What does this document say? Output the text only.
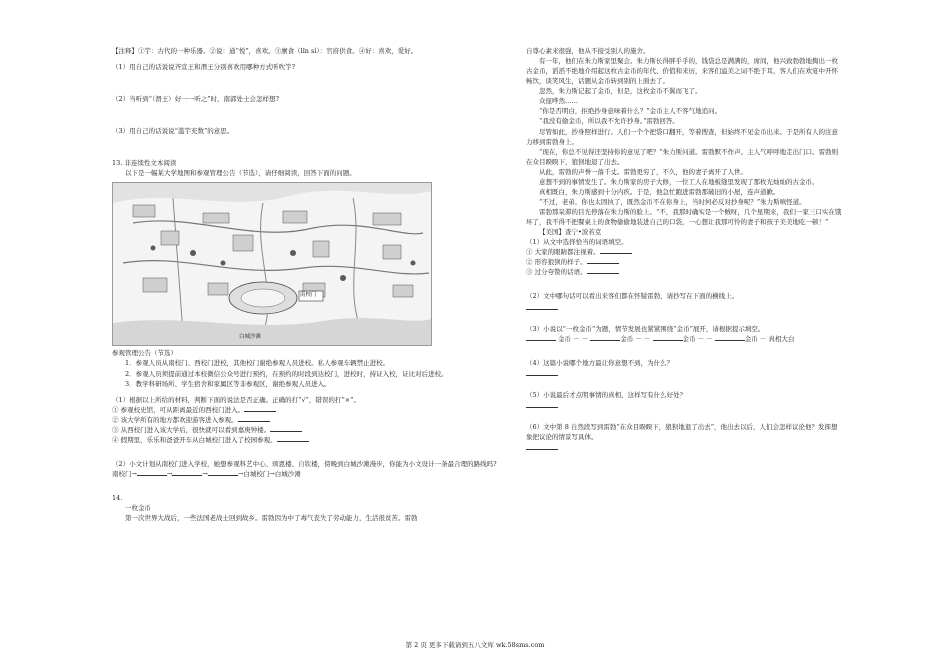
【注释】①竽：古代的一种乐器。②说：通“悦”，喜欢。③廪食（lǐn sì）：官府供食。④好：喜欢，爱好。

（1）用自己的话说说齐宣王和湣王分别喜欢用哪种方式听吹竽?

（2）当听到“（湣王）好一一听之”时，南郭处士会怎样想?

（3）用自己的话说说“滥竽充数”的意思。

13. 非连续性文本阅读

以下是一幅某大学地图和参观管理公告（节选），请仔细阅读，回答下面的问题。

南校门
白城沙滩

参观管理公告（节选）

1．参观人员从南校门、西校门进校，其他校门谢绝参观人员进校。私人参观车辆禁止进校。

2．参观人员须提前通过本校微信公众号进行预约，在预约的时段到达校门，进校时，持证入校，证比对后进校。

3．教学科研场所、学生宿舍和家属区等非参观区，谢绝参观人员进入。

（1）根据以上所给的材料，判断下面的说法是否正确。正确的打“√”，错误的打“×”。

① 参观校史馆，可从距离最近的西校门进入。

② 该大学所有的地方都欢迎游客进入参观。

③ 从西校门进入该大学后，很快就可以看到嘉庚钟楼。

④ 假期里，乐乐和爸爸开车从白城校门进入了校园参观。

（2）小文计划从南校门进入学校，她想参观科艺中心、颂恩楼、自钦楼，傍晚到白城沙滩漫步，你能为小文设计一条最合理的路线吗?

南校门→	→	→	→白城校门→白城沙滩

14.

一枚金币

第一次世界大战后，一些法国老战士回到故乡。雷勃因为中了毒气丧失了劳动能力，生活很贫苦。雷勃

自尊心素来很强，他从不接受别人的施舍。

有一年，他们在朱力斯家里聚会。朱力斯长得胖乎乎的，钱袋总是满满的，席间，他兴致勃勃地掏出一枚古金币，滔滔不绝地介绍起这枚古金币的年代、价值和来历，来客们溢美之词不绝于耳，客人们在欢宴中开怀畅饮，谈笑风生，话题从金币转到别的上面去了。

忽然，朱力斯记起了金币，但是，这枚金币不翼而飞了。

众座哗然……

“你是否明白，拒绝抄身意味着什么？”金币主人不客气地追问。

“我没有偷金币，所以我不允许抄身。”雷勃回答。

尽管如此，抄身照样进行。人们一个个把袋口翻开，等着搜查，但始终不见金币出来。于是所有人的注意力移到雷勃身上。

“现在，你总不见得还坚持你的意见了吧？”朱力斯问道。雷勃默不作声。主人气呼呼地走出门口。雷勃则在众目睽睽下，狼狈地退了出去。

从此，雷勃的声誉一落千丈。雷勃更穷了，不久，他的妻子离开了人世。

意想不到的事情发生了。朱力斯家的房子大修，一位工人在地板缝里发现了那枚光灿灿的古金币。

真相既白，朱力斯感到十分内疚。于是，他急忙跑进雷勃那破旧的小屋，连声道歉。

“不过，老弟，你也太固执了，既然金币不在你身上，当时何必反对抄身呢？”朱力斯嗔怪道。

雷勃那呆滞的目光停落在朱力斯的脸上。“不，我那时确实是一个贼呀，几个星期来，我们一家三口实在饿坏了，我不得不把餐桌上的食物偷偷地装进自己的口袋，一心想让我那可怜的妻子和孩子美美地吃一顿！”

【美国】查宁•波若克

（1）从文中选择恰当的词语填空。

① 大家的眼睛都注视着。

② 形容狼狈的样子。

③ 过分夸赞的话语。

（2）文中哪句话可以看出来客们都在怀疑雷勃，请抄写在下面的横线上。

（3）小说以“一枚金币”为题，情节发展也紧紧围绕“金币”展开，请根据提示填空。

金币 － －	金币 － －	金币 － －	金币 － 真相大白

（4）这篇小说哪个地方最让你意想不到，为什么？

（5）小说最后才点明事情的真相，这样写有什么好处？

（6）文中第 8 自然段写到雷勃“在众目睽睽下，狼狈地退了出去”，他出去以后，人们会怎样议论他？发挥想象把议论的情景写具体。

第 2 页 更多下载请到五八文库 wk.58sms.com
